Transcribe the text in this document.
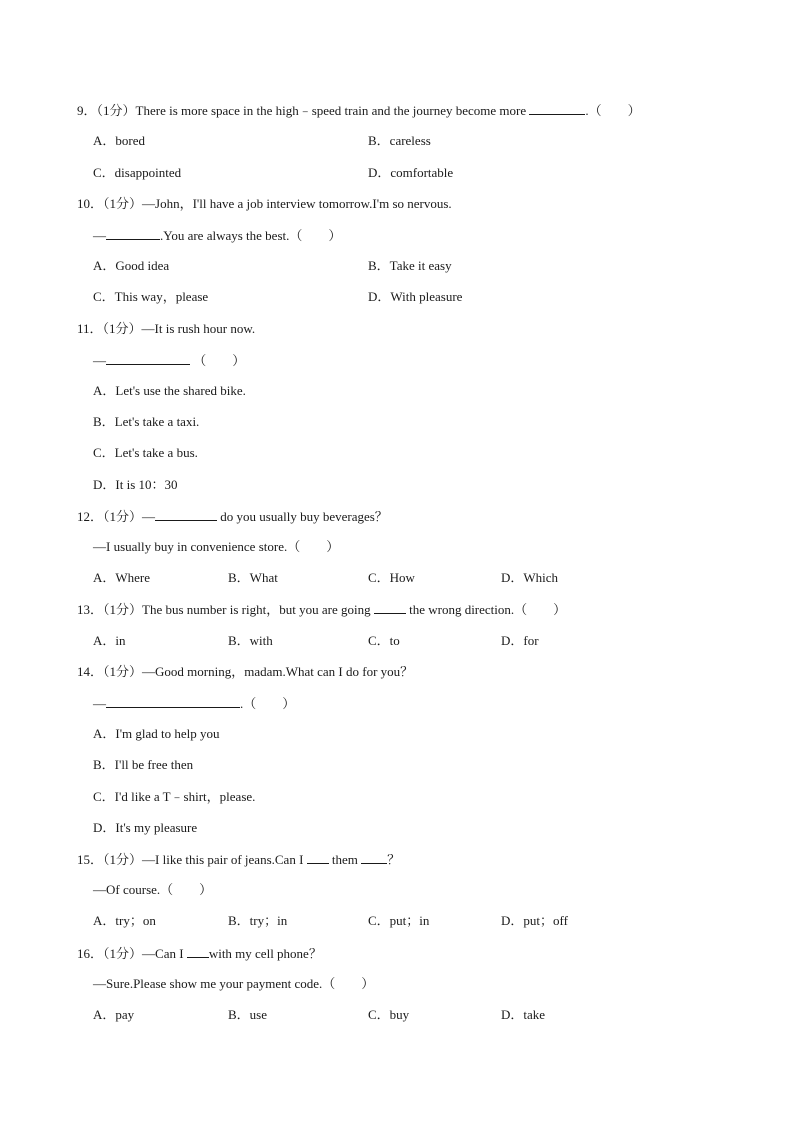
9．（1分）There is more space in the high﹣speed train and the journey become more	.（　　）
A．bored	B．careless
C．disappointed	D．comfortable
10．（1分）—John，I'll have a job interview tomorrow.I'm so nervous.
—	.You are always the best.（　　）
A．Good idea	B．Take it easy
C．This way，please	D．With pleasure
11．（1分）—It is rush hour now.
—	（　　）
A．Let's use the shared bike.
B．Let's take a taxi.
C．Let's take a bus.
D．It is 10：30
12．（1分）—	do you usually buy beverages？
—I usually buy in convenience store.（　　）
A．Where	B．What	C．How	D．Which
13．（1分）The bus number is right，but you are going  the wrong direction.（　　）
A．in	B．with	C．to	D．for
14．（1分）—Good morning，madam.What can I do for you？
—	.（　　）
A．I'm glad to help you
B．I'll be free then
C．I'd like a T﹣shirt，please.
D．It's my pleasure
15．（1分）—I like this pair of jeans.Can I  them ？
—Of course.（　　）
A．try；on	B．try；in	C．put；in	D．put；off
16．（1分）—Can I with my cell phone？
—Sure.Please show me your payment code.（　　）
A．pay	B．use	C．buy	D．take
